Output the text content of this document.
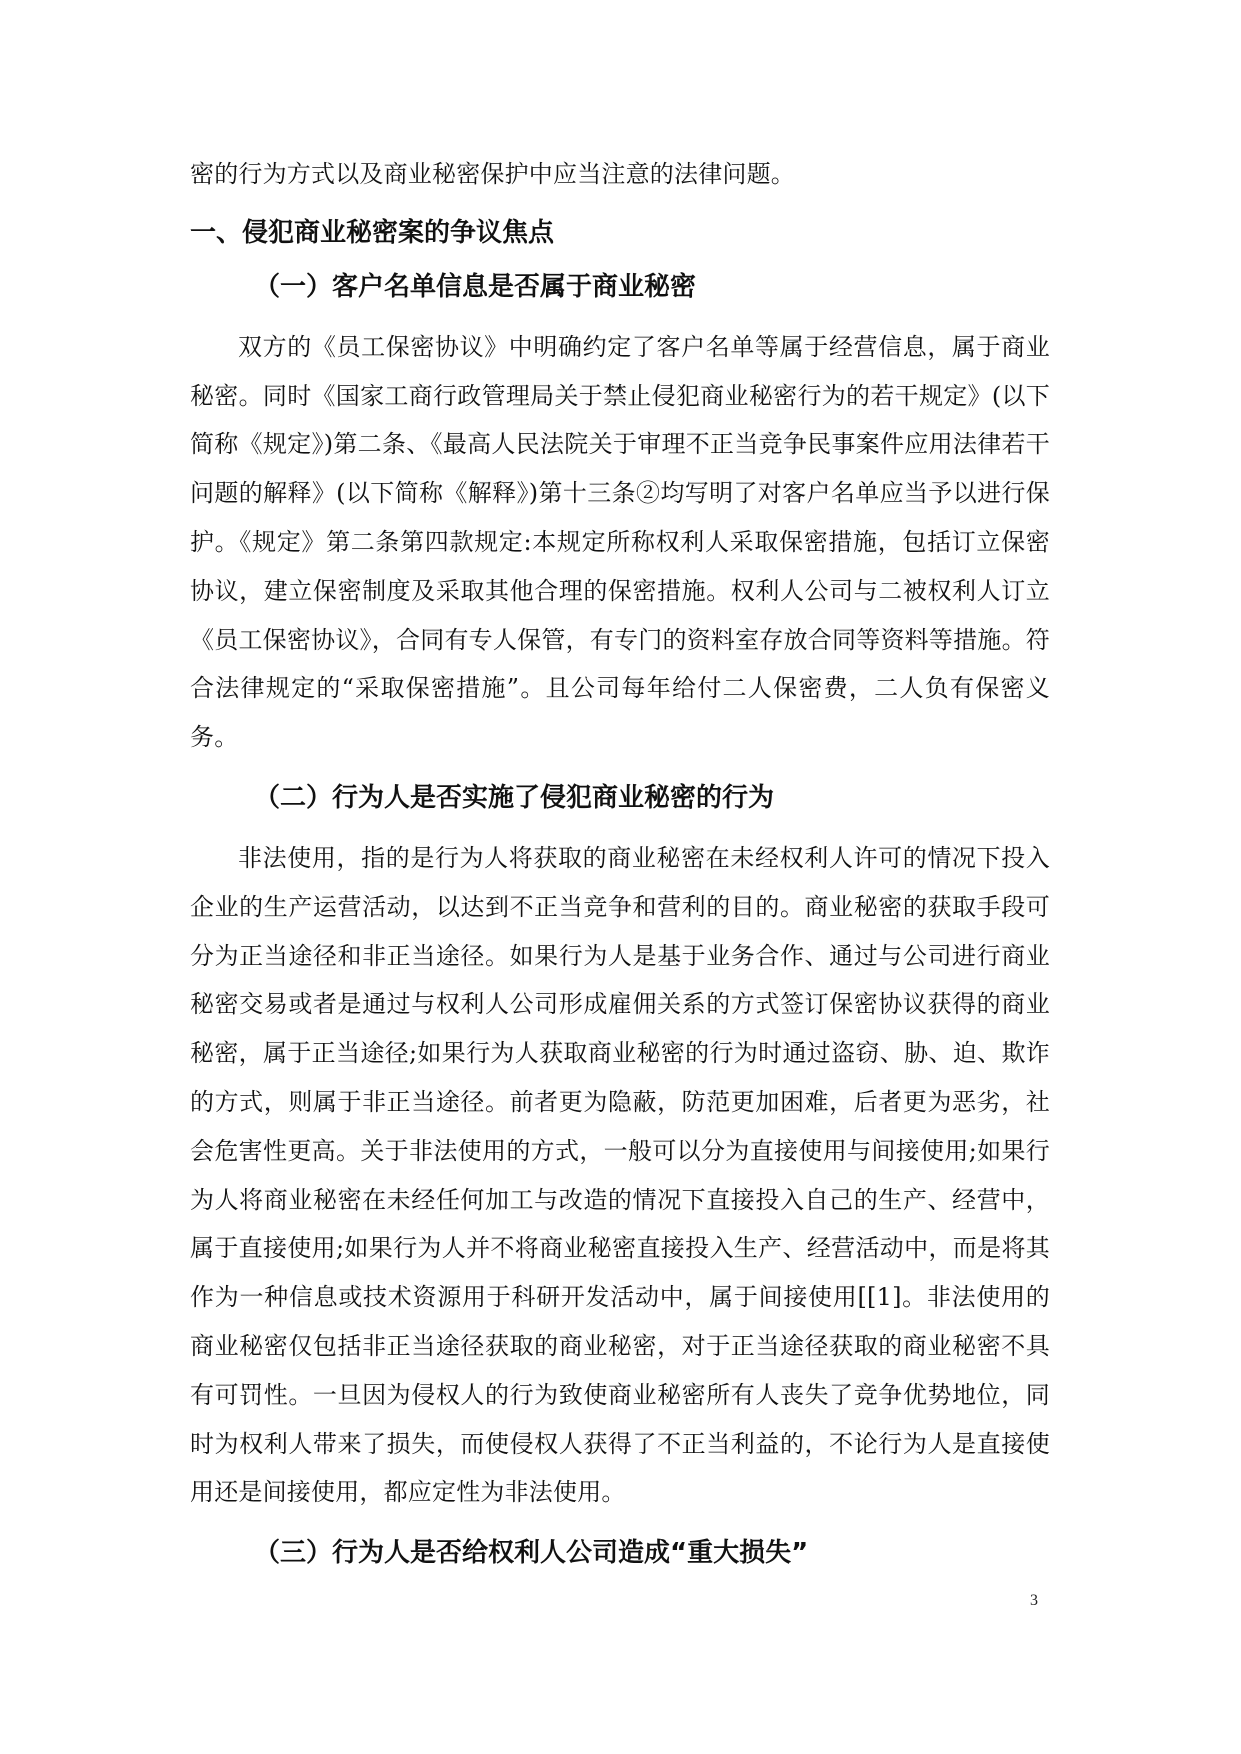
密的行为方式以及商业秘密保护中应当注意的法律问题。

一、侵犯商业秘密案的争议焦点
（一）客户名单信息是否属于商业秘密

双方的《员工保密协议》中明确约定了客户名单等属于经营信息，属于商业秘密。同时《国家工商行政管理局关于禁止侵犯商业秘密行为的若干规定》(以下简称《规定》)第二条、《最高人民法院关于审理不正当竞争民事案件应用法律若干问题的解释》(以下简称《解释》)第十三条②均写明了对客户名单应当予以进行保护。《规定》第二条第四款规定:本规定所称权利人采取保密措施，包括订立保密协议，建立保密制度及采取其他合理的保密措施。权利人公司与二被权利人订立《员工保密协议》，合同有专人保管，有专门的资料室存放合同等资料等措施。符合法律规定的“采取保密措施”。且公司每年给付二人保密费，二人负有保密义务。

（二）行为人是否实施了侵犯商业秘密的行为

非法使用，指的是行为人将获取的商业秘密在未经权利人许可的情况下投入企业的生产运营活动，以达到不正当竞争和营利的目的。商业秘密的获取手段可分为正当途径和非正当途径。如果行为人是基于业务合作、通过与公司进行商业秘密交易或者是通过与权利人公司形成雇佣关系的方式签订保密协议获得的商业秘密，属于正当途径;如果行为人获取商业秘密的行为时通过盗窃、胁、迫、欺诈的方式，则属于非正当途径。前者更为隐蔽，防范更加困难，后者更为恶劣，社会危害性更高。关于非法使用的方式，一般可以分为直接使用与间接使用;如果行为人将商业秘密在未经任何加工与改造的情况下直接投入自己的生产、经营中，属于直接使用;如果行为人并不将商业秘密直接投入生产、经营活动中，而是将其作为一种信息或技术资源用于科研开发活动中，属于间接使用[[1]。非法使用的商业秘密仅包括非正当途径获取的商业秘密，对于正当途径获取的商业秘密不具有可罚性。一旦因为侵权人的行为致使商业秘密所有人丧失了竞争优势地位，同时为权利人带来了损失，而使侵权人获得了不正当利益的，不论行为人是直接使用还是间接使用，都应定性为非法使用。

（三）行为人是否给权利人公司造成“重大损失”
3
